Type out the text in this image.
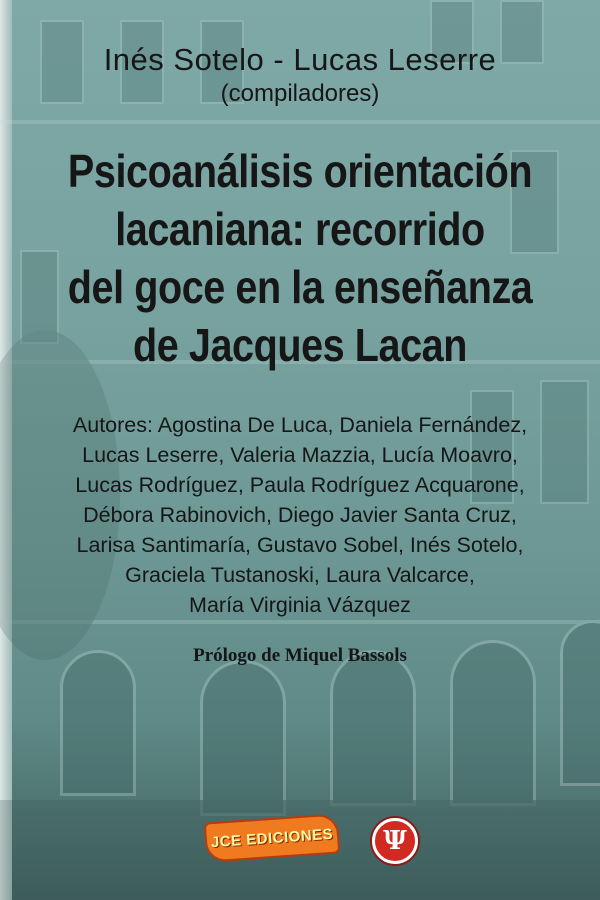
Inés Sotelo - Lucas Leserre
(compiladores)
Psicoanálisis orientación
lacaniana: recorrido
del goce en la enseñanza
de Jacques Lacan
Autores: Agostina De Luca, Daniela Fernández,
Lucas Leserre, Valeria Mazzia, Lucía Moavro,
Lucas Rodríguez, Paula Rodríguez Acquarone,
Débora Rabinovich, Diego Javier Santa Cruz,
Larisa Santimaría, Gustavo Sobel, Inés Sotelo,
Graciela Tustanoski, Laura Valcarce,
María Virginia Vázquez
Prólogo de Miquel Bassols
JCE EDICIONES Ψ
